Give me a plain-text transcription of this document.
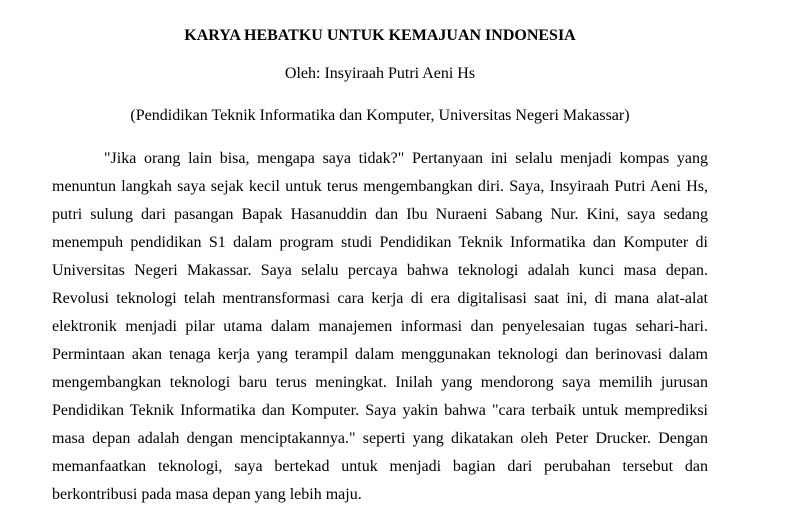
KARYA HEBATKU UNTUK KEMAJUAN INDONESIA

Oleh: Insyiraah Putri Aeni Hs

(Pendidikan Teknik Informatika dan Komputer, Universitas Negeri Makassar)

"Jika orang lain bisa, mengapa saya tidak?" Pertanyaan ini selalu menjadi kompas yang menuntun langkah saya sejak kecil untuk terus mengembangkan diri. Saya, Insyiraah Putri Aeni Hs, putri sulung dari pasangan Bapak Hasanuddin dan Ibu Nuraeni Sabang Nur. Kini, saya sedang menempuh pendidikan S1 dalam program studi Pendidikan Teknik Informatika dan Komputer di Universitas Negeri Makassar. Saya selalu percaya bahwa teknologi adalah kunci masa depan. Revolusi teknologi telah mentransformasi cara kerja di era digitalisasi saat ini, di mana alat-alat elektronik menjadi pilar utama dalam manajemen informasi dan penyelesaian tugas sehari-hari. Permintaan akan tenaga kerja yang terampil dalam menggunakan teknologi dan berinovasi dalam mengembangkan teknologi baru terus meningkat. Inilah yang mendorong saya memilih jurusan Pendidikan Teknik Informatika dan Komputer. Saya yakin bahwa "cara terbaik untuk memprediksi masa depan adalah dengan menciptakannya." seperti yang dikatakan oleh Peter Drucker. Dengan memanfaatkan teknologi, saya bertekad untuk menjadi bagian dari perubahan tersebut dan berkontribusi pada masa depan yang lebih maju.
